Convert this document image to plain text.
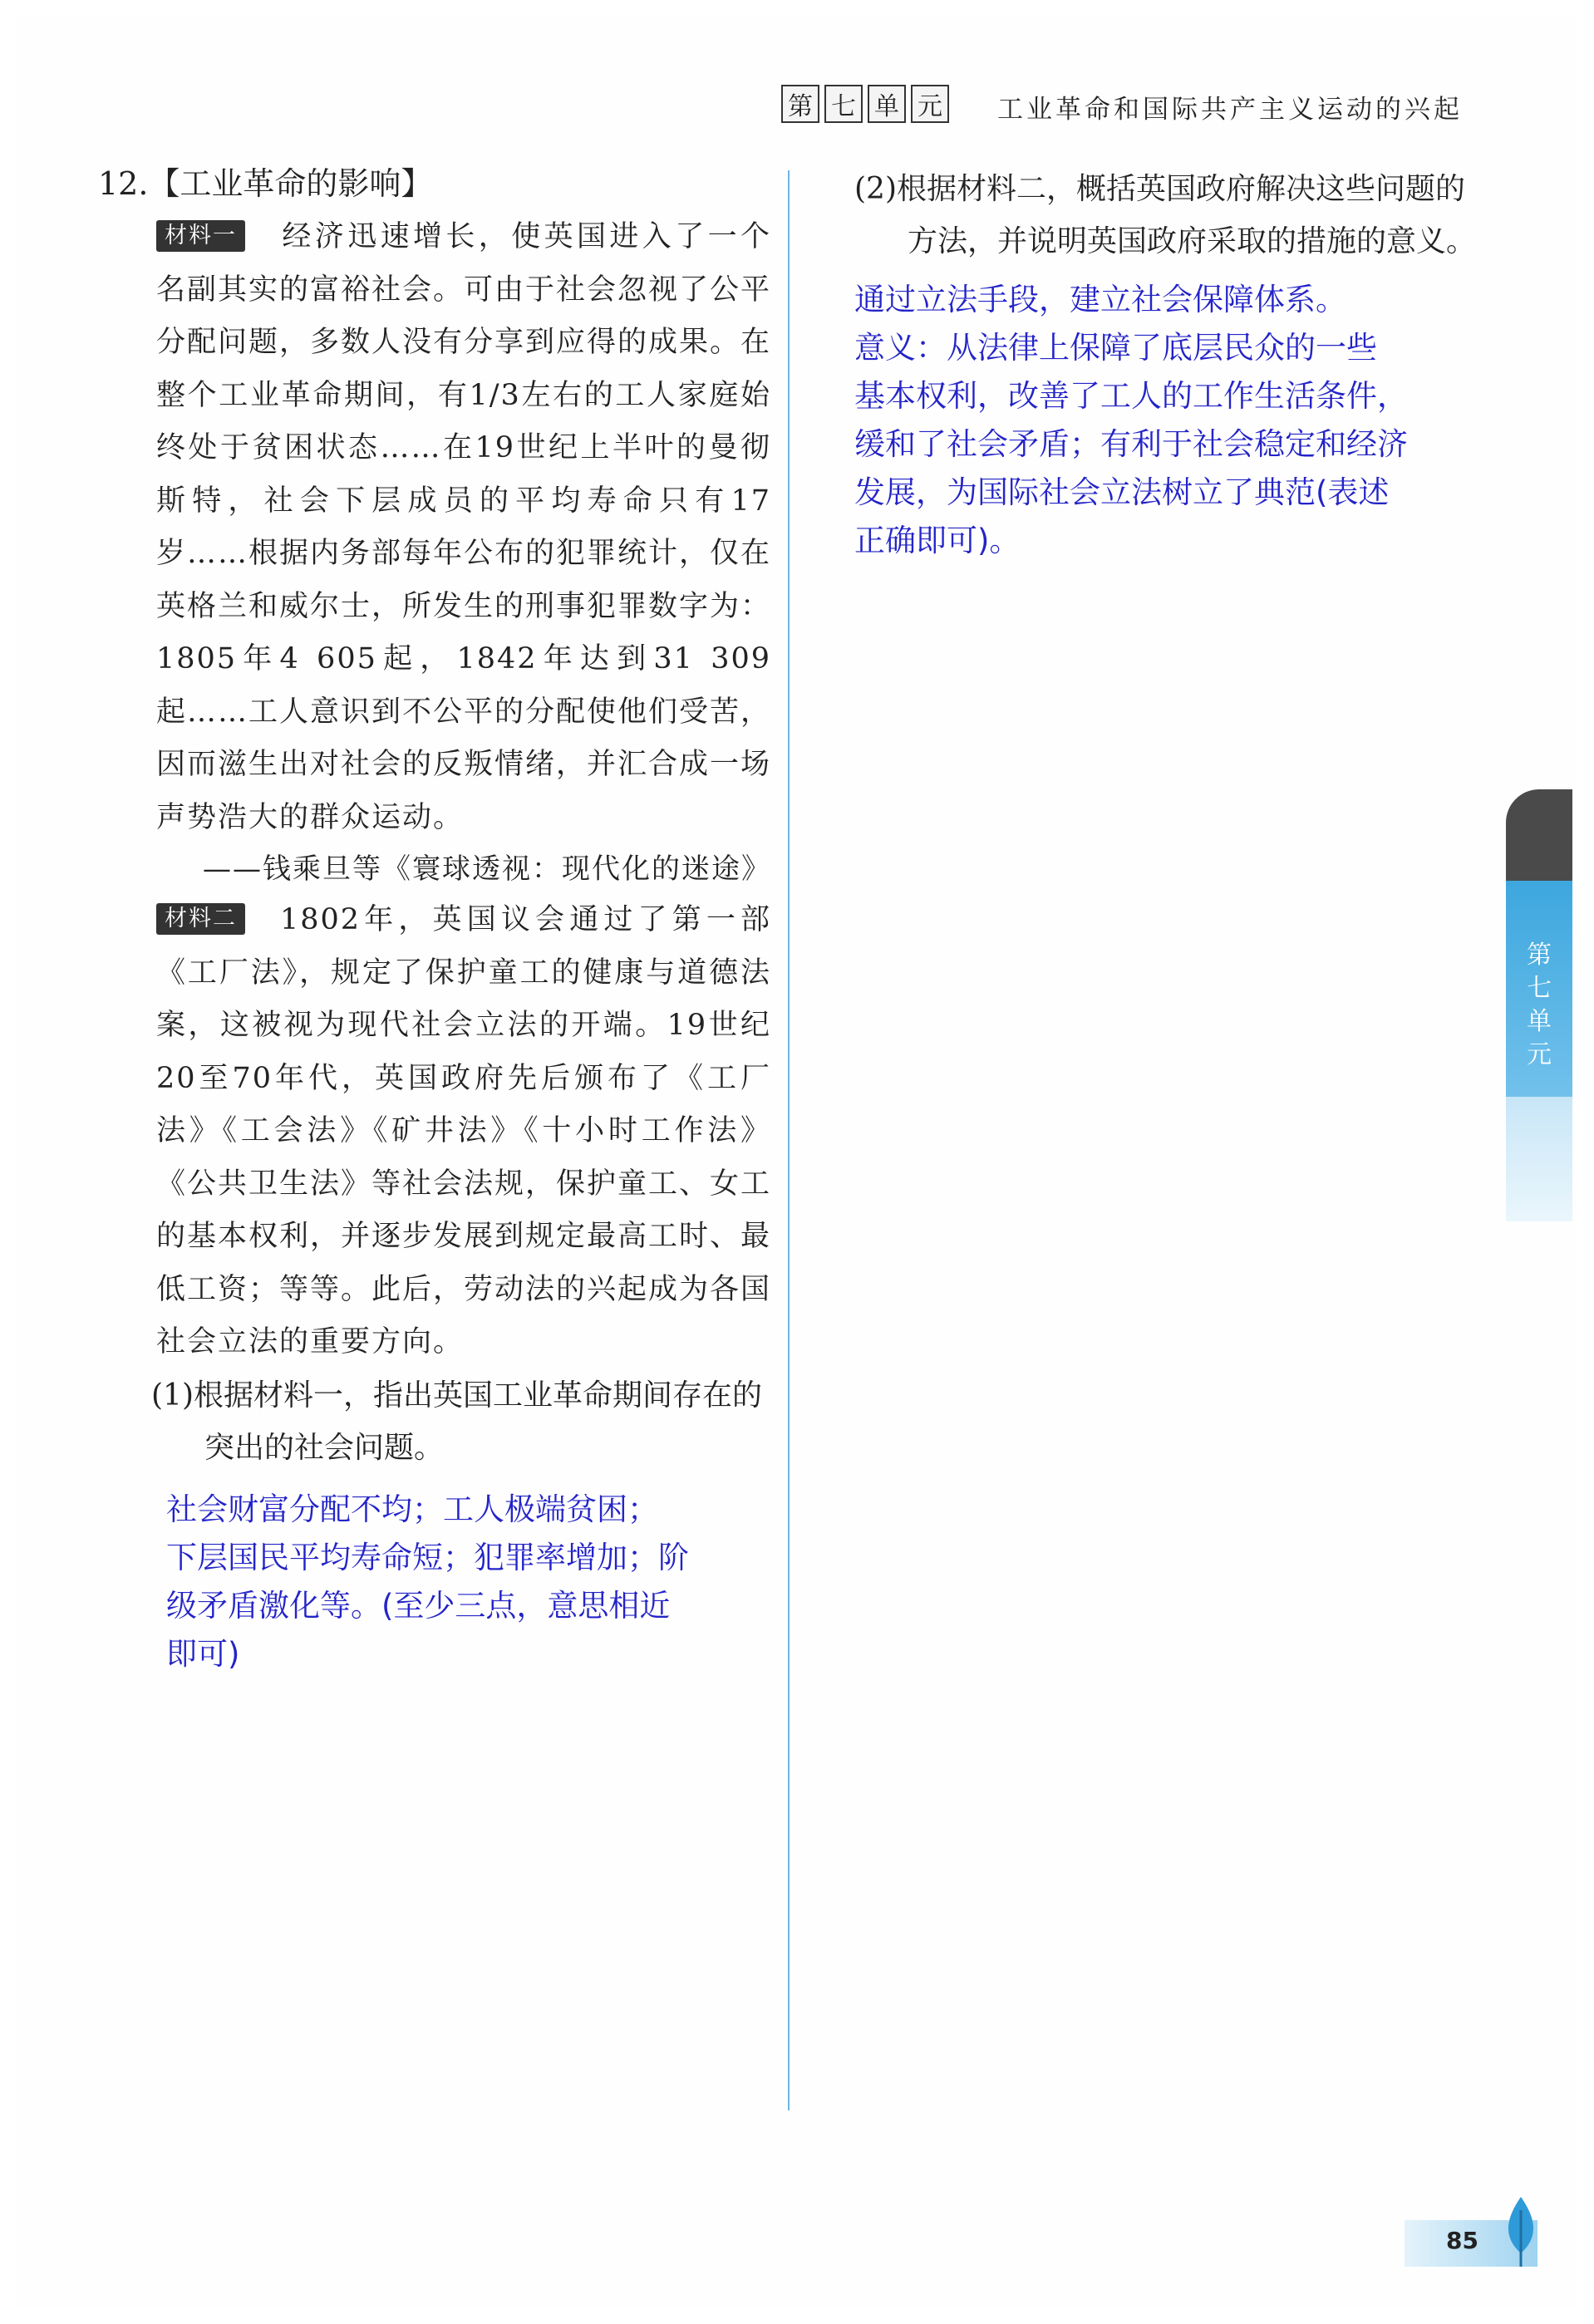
第 七 单 元 工业革命和国际共产主义运动的兴起

12.【工业革命的影响】

材料一 经济迅速增长，使英国进入了一个名副其实的富裕社会。可由于社会忽视了公平分配问题，多数人没有分享到应得的成果。在整个工业革命期间，有1/3左右的工人家庭始终处于贫困状态……在19世纪上半叶的曼彻斯特，社会下层成员的平均寿命只有17岁……根据内务部每年公布的犯罪统计，仅在英格兰和威尔士，所发生的刑事犯罪数字为：1805年4 605起，1842年达到31 309起……工人意识到不公平的分配使他们受苦，因而滋生出对社会的反叛情绪，并汇合成一场声势浩大的群众运动。

——钱乘旦等《寰球透视：现代化的迷途》

材料二 1802年，英国议会通过了第一部《工厂法》，规定了保护童工的健康与道德法案，这被视为现代社会立法的开端。19世纪20至70年代，英国政府先后颁布了《工厂法》《工会法》《矿井法》《十小时工作法》《公共卫生法》等社会法规，保护童工、女工的基本权利，并逐步发展到规定最高工时、最低工资；等等。此后，劳动法的兴起成为各国社会立法的重要方向。

(1)根据材料一，指出英国工业革命期间存在的突出的社会问题。

社会财富分配不均；工人极端贫困；
下层国民平均寿命短；犯罪率增加；阶
级矛盾激化等。(至少三点，意思相近
即可)

(2)根据材料二，概括英国政府解决这些问题的方法，并说明英国政府采取的措施的意义。

通过立法手段，建立社会保障体系。
意义：从法律上保障了底层民众的一些
基本权利，改善了工人的工作生活条件，
缓和了社会矛盾；有利于社会稳定和经济
发展，为国际社会立法树立了典范(表述
正确即可)。
第七单元
85
